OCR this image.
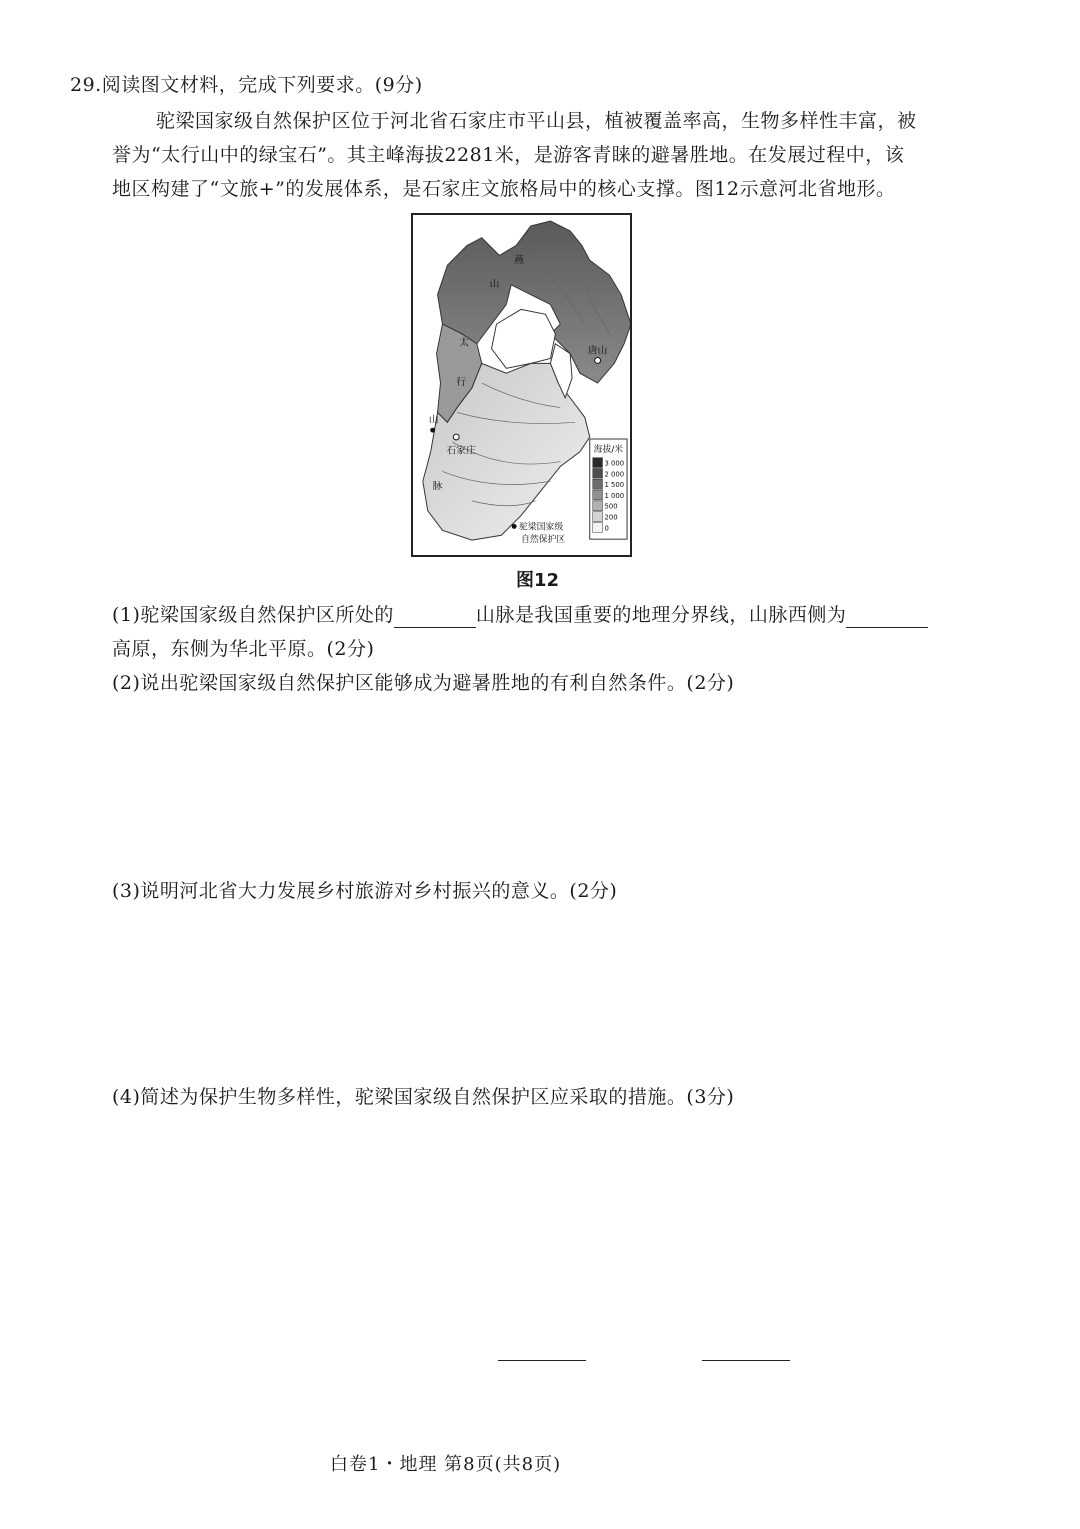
29.阅读图文材料，完成下列要求。(9分)
驼梁国家级自然保护区位于河北省石家庄市平山县，植被覆盖率高，生物多样性丰富，被
誉为“太行山中的绿宝石”。其主峰海拔2281米，是游客青睐的避暑胜地。在发展过程中，该
地区构建了“文旅+”的发展体系，是石家庄文旅格局中的核心支撑。图12示意河北省地形。
太
行
山
脉
燕
山
唐山
石家庄	海拔/米
3 000
2 000
1 500
1 000
500
200
0
驼梁国家级
自然保护区
图12
(1)驼梁国家级自然保护区所处的	山脉是我国重要的地理分界线，山脉西侧为
高原，东侧为华北平原。(2分)
(2)说出驼梁国家级自然保护区能够成为避暑胜地的有利自然条件。(2分)
(3)说明河北省大力发展乡村旅游对乡村振兴的意义。(2分)
(4)简述为保护生物多样性，驼梁国家级自然保护区应采取的措施。(3分)
白卷1・地理 第8页(共8页)
